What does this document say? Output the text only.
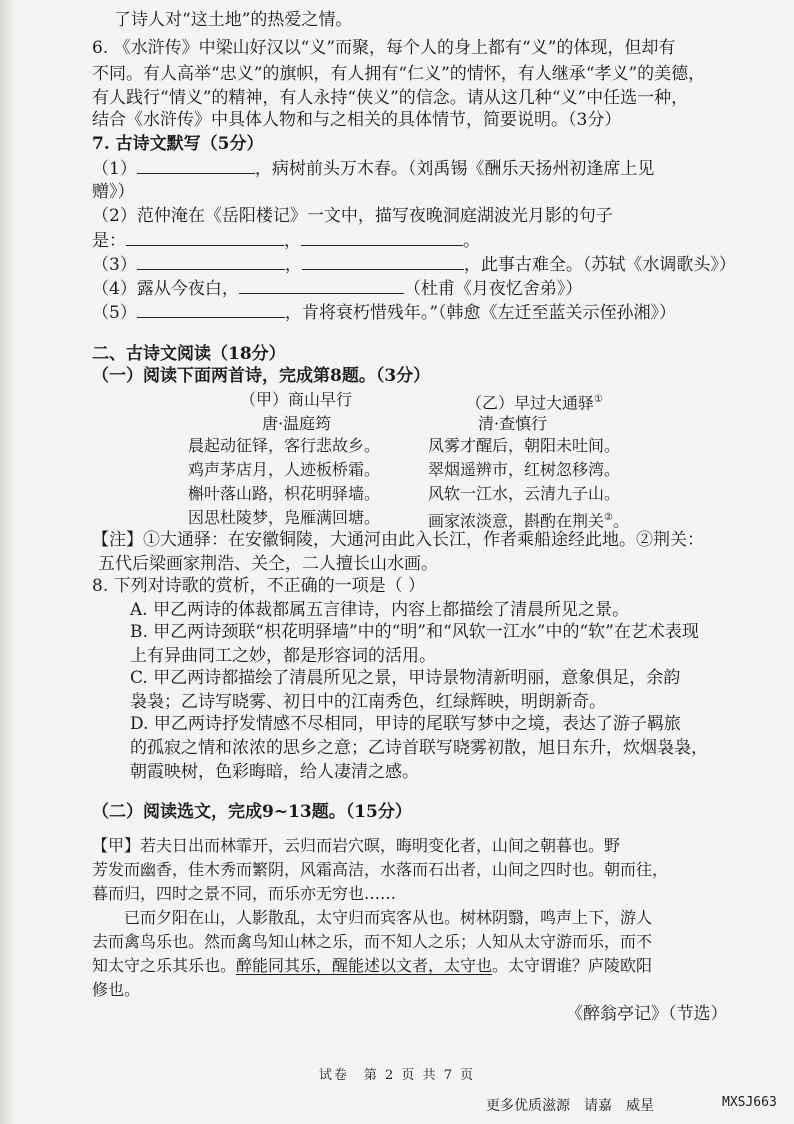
了诗人对“这土地”的热爱之情。
6. 《水浒传》中梁山好汉以“义”而聚，每个人的身上都有“义”的体现，但却有
不同。有人高举“忠义”的旗帜，有人拥有“仁义”的情怀，有人继承“孝义”的美德，
有人践行“情义”的精神，有人永持“侠义”的信念。请从这几种“义”中任选一种，
结合《水浒传》中具体人物和与之相关的具体情节，简要说明。（3分）
7. 古诗文默写（5分）
（1）	，病树前头万木春。（刘禹锡《酬乐天扬州初逢席上见
赠》）
（2）范仲淹在《岳阳楼记》一文中，描写夜晚洞庭湖波光月影的句子
是：	，	。
（3）	，	，此事古难全。（苏轼《水调歌头》）
（4）露从今夜白，	（杜甫《月夜忆舍弟》）
（5）	，肯将衰朽惜残年。”（韩愈《左迁至蓝关示侄孙湘》）
二、古诗文阅读（18分）
（一）阅读下面两首诗，完成第8题。（3分）
（甲）商山早行	（乙）早过大通驿①
唐·温庭筠	清·查慎行
晨起动征铎，客行悲故乡。	凤雾才醒后，朝阳未吐间。
鸡声茅店月，人迹板桥霜。	翠烟遥辨市，红树忽移湾。
槲叶落山路，枳花明驿墙。	风软一江水，云清九子山。
因思杜陵梦，凫雁满回塘。	画家浓淡意，斟酌在荆关②。
【注】①大通驿：在安徽铜陵，大通河由此入长江，作者乘船途经此地。②荆关：
五代后梁画家荆浩、关仝，二人擅长山水画。
8. 下列对诗歌的赏析，不正确的一项是（ ）
A. 甲乙两诗的体裁都属五言律诗，内容上都描绘了清晨所见之景。
B. 甲乙两诗颈联“枳花明驿墙”中的“明”和“风软一江水”中的“软”在艺术表现
上有异曲同工之妙，都是形容词的活用。
C. 甲乙两诗都描绘了清晨所见之景，甲诗景物清新明丽，意象俱足，余韵
袅袅；乙诗写晓雾、初日中的江南秀色，红绿辉映，明朗新奇。
D. 甲乙两诗抒发情感不尽相同，甲诗的尾联写梦中之境，表达了游子羁旅
的孤寂之情和浓浓的思乡之意；乙诗首联写晓雾初散，旭日东升，炊烟袅袅，
朝霞映树，色彩晦暗，给人凄清之感。
（二）阅读选文，完成9~13题。（15分）
【甲】若夫日出而林霏开，云归而岩穴暝，晦明变化者，山间之朝暮也。野
芳发而幽香，佳木秀而繁阴，风霜高洁，水落而石出者，山间之四时也。朝而往，
暮而归，四时之景不同，而乐亦无穷也……
已而夕阳在山，人影散乱，太守归而宾客从也。树林阴翳，鸣声上下，游人
去而禽鸟乐也。然而禽鸟知山林之乐，而不知人之乐；人知从太守游而乐，而不
知太守之乐其乐也。醉能同其乐，醒能述以文者，太守也。太守谓谁？庐陵欧阳
修也。
《醉翁亭记》（节选）
试卷　第 2 页 共 7 页
更多优质滋源　请嘉　威星	MXSJ663
